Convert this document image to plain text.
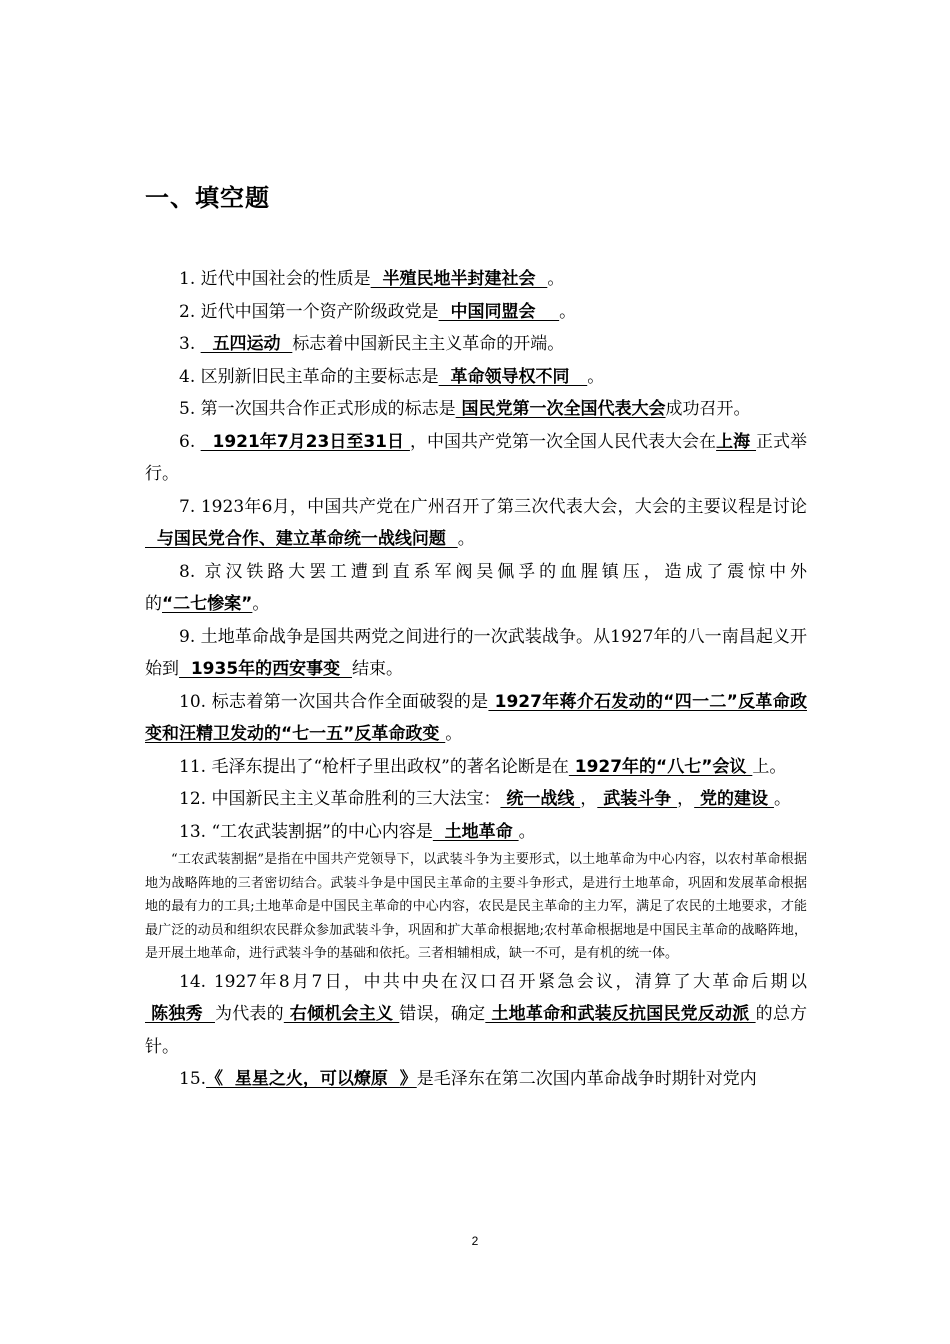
一、填空题

1. 近代中国社会的性质是  半殖民地半封建社会  。

2. 近代中国第一个资产阶级政党是  中国同盟会    。

3.   五四运动  标志着中国新民主主义革命的开端。

4. 区别新旧民主革命的主要标志是  革命领导权不同   。

5. 第一次国共合作正式形成的标志是 国民党第一次全国代表大会成功召开。

6.   1921年7月23日至31日 ，中国共产党第一次全国人民代表大会在上海 正式举行。

7. 1923年6月，中国共产党在广州召开了第三次代表大会，大会的主要议程是讨论  与国民党合作、建立革命统一战线问题  。

8. 京汉铁路大罢工遭到直系军阀吴佩孚的血腥镇压，造成了震惊中外的“二七惨案”。

9. 土地革命战争是国共两党之间进行的一次武装战争。从1927年的八一南昌起义开始到  1935年的西安事变  结束。

10. 标志着第一次国共合作全面破裂的是 1927年蒋介石发动的“四一二”反革命政变和汪精卫发动的“七一五”反革命政变 。

11. 毛泽东提出了“枪杆子里出政权”的著名论断是在 1927年的“八七”会议 上。

12. 中国新民主主义革命胜利的三大法宝： 统一战线 ， 武装斗争 ， 党的建设 。

13. “工农武装割据”的中心内容是  土地革命 。

“工农武装割据”是指在中国共产党领导下，以武装斗争为主要形式，以土地革命为中心内容，以农村革命根据地为战略阵地的三者密切结合。武装斗争是中国民主革命的主要斗争形式，是进行土地革命，巩固和发展革命根据地的最有力的工具;土地革命是中国民主革命的中心内容，农民是民主革命的主力军，满足了农民的土地要求，才能最广泛的动员和组织农民群众参加武装斗争，巩固和扩大革命根据地;农村革命根据地是中国民主革命的战略阵地，是开展土地革命，进行武装斗争的基础和依托。三者相辅相成，缺一不可，是有机的统一体。

14. 1927年8月7日，中共中央在汉口召开紧急会议，清算了大革命后期以 陈独秀  为代表的 右倾机会主义 错误，确定 土地革命和武装反抗国民党反动派 的总方针。

15.《  星星之火，可以燎原  》是毛泽东在第二次国内革命战争时期针对党内

2
